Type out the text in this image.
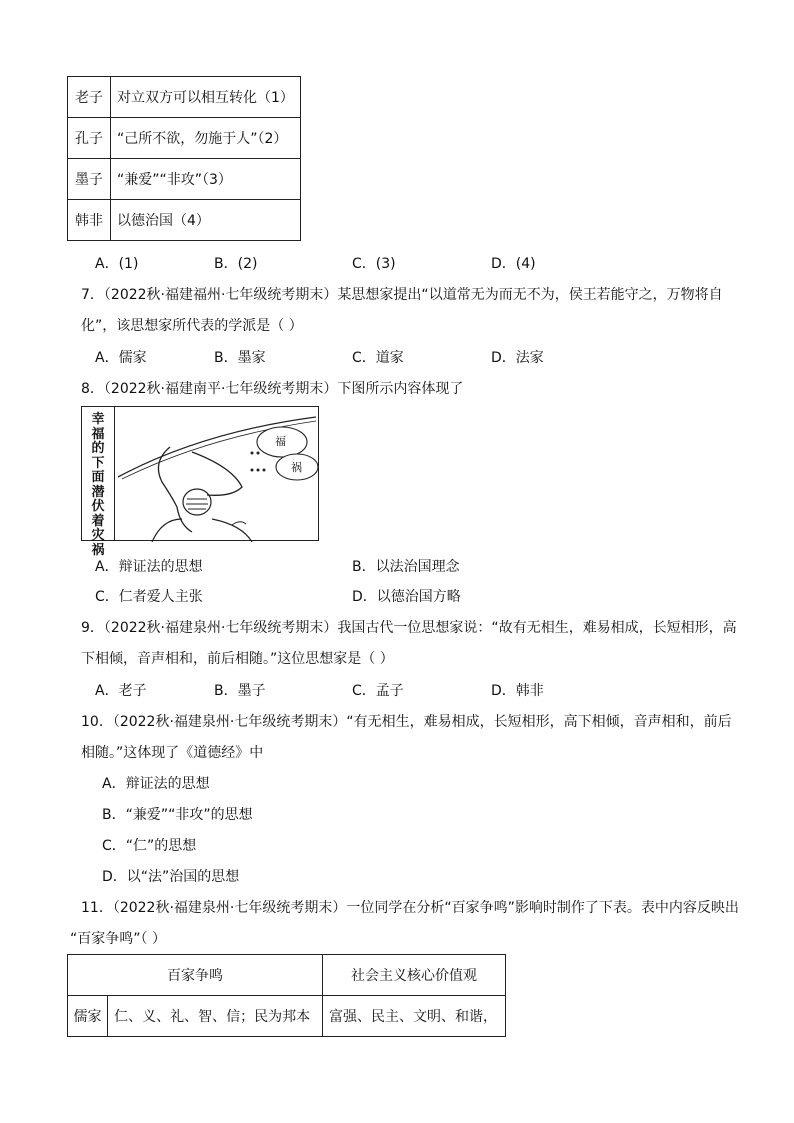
老子	对立双方可以相互转化（1）
孔子	“己所不欲，勿施于人”（2）
墨子	“兼爱”“非攻”（3）
韩非	以德治国（4）
A．(1)	B．(2)	C．(3)	D．(4)
7．（2022秋·福建福州·七年级统考期末）某思想家提出“以道常无为而无不为，侯王若能守之，万物将自
化”，该思想家所代表的学派是（ ）
A．儒家	B．墨家	C．道家	D．法家
8．（2022秋·福建南平·七年级统考期末）下图所示内容体现了
幸福的下面潜伏着灾祸
福
祸
A．辩证法的思想	B．以法治国理念
C．仁者爱人主张	D．以德治国方略
9．（2022秋·福建泉州·七年级统考期末）我国古代一位思想家说：“故有无相生，难易相成，长短相形，高
下相倾，音声相和，前后相随。”这位思想家是（ ）
A．老子	B．墨子	C．孟子	D．韩非
10．（2022秋·福建泉州·七年级统考期末）“有无相生，难易相成，长短相形，高下相倾，音声相和，前后
相随。”这体现了《道德经》中
A．辩证法的思想
B．“兼爱”“非攻”的思想
C．“仁”的思想
D．以“法”治国的思想
11．（2022秋·福建泉州·七年级统考期末）一位同学在分析“百家争鸣”影响时制作了下表。表中内容反映出
“百家争鸣”（ ）
百家争鸣		社会主义核心价值观
儒家	仁、义、礼、智、信；民为邦本	富强、民主、文明、和谐，
